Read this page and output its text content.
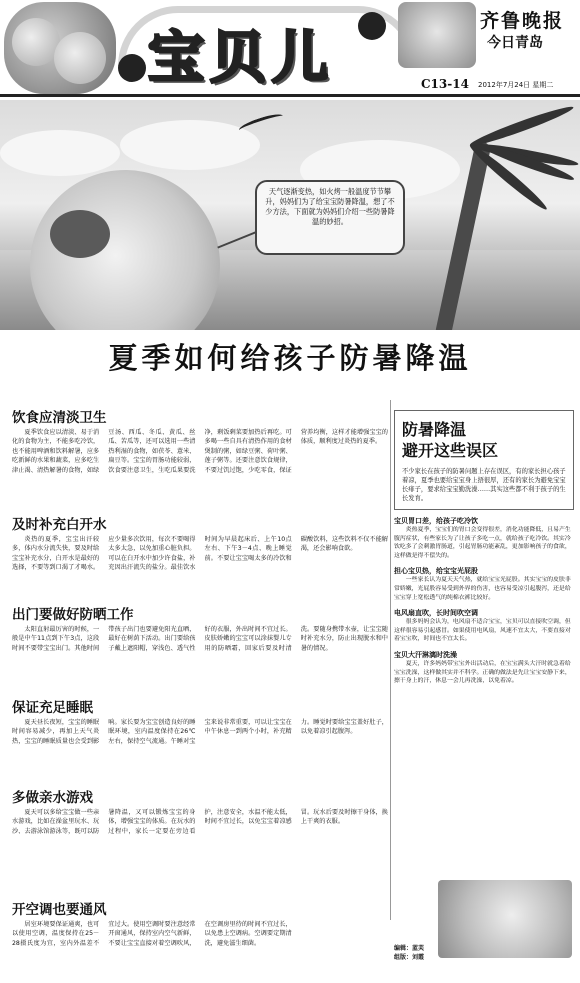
宝贝儿
齐鲁晚报
今日青岛
C13-14 2012年7月24日 星期二
天气逐渐变热，如火烤一般温度节节攀升，妈妈们为了给宝宝防暑降温，想了不少方法，下面就为妈妈们介绍一些防暑降温的妙招。
夏季如何给孩子防暑降温
饮食应清淡卫生

夏季饮食应以清淡、易于消化的食物为主，不能多吃冷饮，也不能用啤酒和饮料解暑，应多吃新鲜的水果和蔬菜，应多吃生津止渴、清热解暑的食物，如绿豆汤、西瓜、冬瓜、黄瓜、丝瓜、苦瓜等，还可以选用一些清热利湿的食物，如茯苓、薏米、扁豆等。宝宝的胃肠功能较弱，饮食要注意卫生，生吃瓜果要洗净，剩饭剩菜要加热后再吃。可多喝一些自具有清热作用的食材煲制的粥，如绿豆粥、荷叶粥、莲子粥等。还要注意饮食规律，不要过饥过饱，少吃零食，保证营养均衡，这样才能增强宝宝的体质，顺利度过炎热的夏季。

及时补充白开水

炎热的夏季，宝宝出汗较多，体内水分流失快，要及时给宝宝补充水分，白开水是最好的选择，不要等到口渴了才喝水。应少量多次饮用，每次不要喝得太多太急，以免加重心脏负担。可以在白开水中加少许食盐，补充因出汗流失的盐分。最佳饮水时间为早晨起床后、上午10点左右、下午3－4点、晚上睡觉前。不要让宝宝喝太多的冷饮和碳酸饮料，这些饮料不仅不能解渴，还会影响食欲。

出门要做好防晒工作

太阳直射最厉害的时候，一般是中午11点到下午3点，这段时间不要带宝宝出门。其他时间带孩子出门也要避免阳光直晒，最好在树荫下活动。出门要给孩子戴上遮阳帽，穿浅色、透气性好的衣服，外出时间不宜过长。皮肤娇嫩的宝宝可以涂抹婴儿专用的防晒霜，回家后要及时清洗。要随身携带水壶，让宝宝随时补充水分，防止出现脱水和中暑的情况。

保证充足睡眠

夏天昼长夜短，宝宝的睡眠时间容易减少，再加上天气炎热，宝宝的睡眠质量也会受到影响。家长要为宝宝创造良好的睡眠环境，室内温度保持在26℃左右，保持空气流通。午睡对宝宝来说非常重要，可以让宝宝在中午休息一到两个小时，补充精力。睡觉时要给宝宝盖好肚子，以免着凉引起腹泻。

多做亲水游戏

夏天可以多给宝宝做一些亲水游戏，比如在澡盆里玩水、玩沙、去游泳馆游泳等，既可以防暑降温，又可以锻炼宝宝的身体，增强宝宝的体质。在玩水的过程中，家长一定要在旁边看护，注意安全，水温不能太低，时间不宜过长，以免宝宝着凉感冒。玩水后要及时擦干身体，换上干爽的衣服。

开空调也要通风

居室环境要保证通爽，也可以使用空调，温度保持在25－28摄氏度为宜，室内外温差不宜过大。使用空调时要注意经常开窗通风，保持室内空气新鲜，不要让宝宝直接对着空调吹风，在空调房里待的时间不宜过长，以免患上空调病。空调要定期清洗，避免滋生细菌。

防暑降温
避开这些误区
不少家长在孩子的防暑问题上存在误区，有的家长担心孩子着凉，夏季也要给宝宝身上捂很厚，还有的家长为避免宝宝长痱子，要求给宝宝勤洗澡……其实这些都不利于孩子的生长发育。
宝贝胃口差，给孩子吃冷饮
炎热夏季，宝宝们的胃口会变得很差，消化功能降低，且易产生腹泻症状，有些家长为了让孩子多吃一点，就给孩子吃冷饮。其实冷饮吃多了会刺激胃肠道，引起胃肠功能紊乱，更加影响孩子的食欲，这样做是得不偿失的。
担心宝贝热，给宝宝光屁股
一些家长认为夏天天气热，就给宝宝光屁股。其实宝宝的皮肤非常娇嫩，光屁股容易受到外界的伤害，也容易受凉引起腹泻，还是给宝宝穿上宽松透气的纯棉衣裤比较好。
电风扇直吹，长时间吹空调
很多妈妈会认为，电风扇不适合宝宝，宝贝可以直接吹空调，但这样很容易引起感冒。如果使用电风扇，风速不宜太大，不要直接对着宝宝吹，时间也不宜太长。
宝贝大汗淋漓时洗澡
夏天，许多妈妈带宝宝外出活动后，在宝宝满头大汗时就急着给宝宝洗澡，这样做其实并不科学。正确的做法是先让宝宝安静下来，擦干身上的汗，休息一会儿再洗澡，以免着凉。
编辑：蓝芙
组版：刘霞
